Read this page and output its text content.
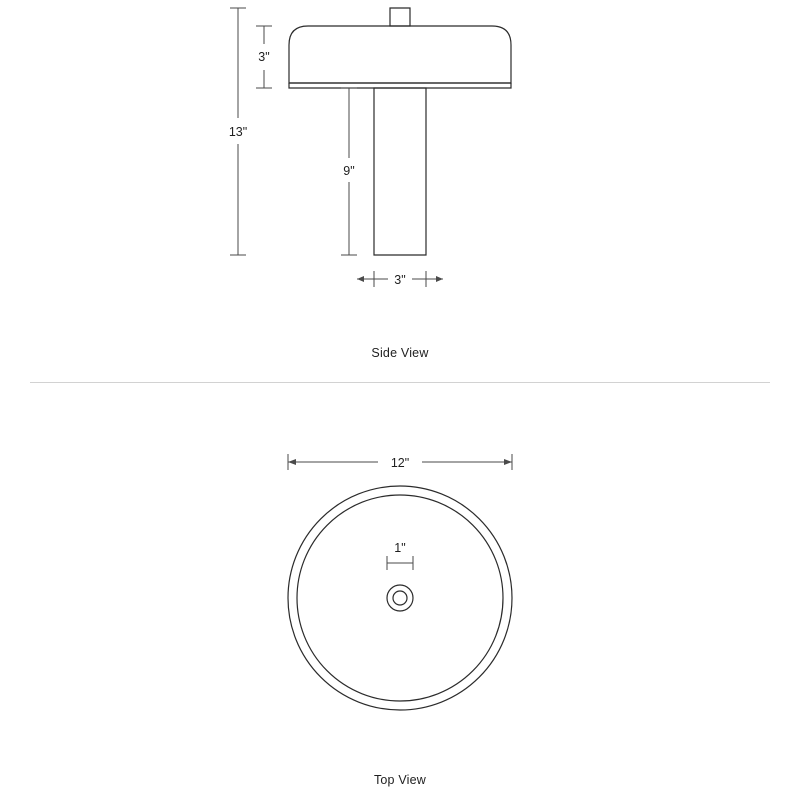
3"
13"
9"
3"
12"
1"
Side View
Top View
